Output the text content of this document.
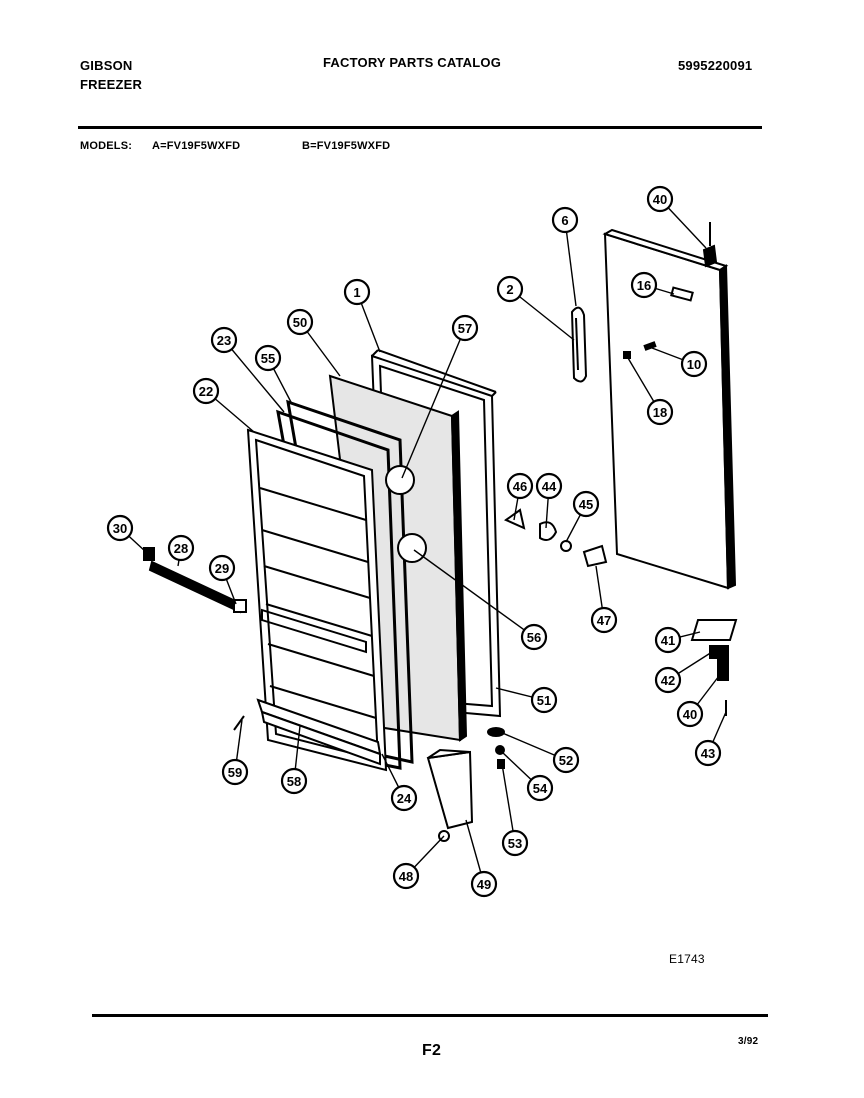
GIBSON
FREEZER
FACTORY PARTS CATALOG	5995220091
MODELS: A=FV19F5WXFD	B=FV19F5WXFD
40
6
2	16
10
18
1
50
55
23
22
57
46 44
45
47
56
51
52
54
53
41
42
40
43
30
28
29
59
58
24
48
49
E1743
F2
3/92
